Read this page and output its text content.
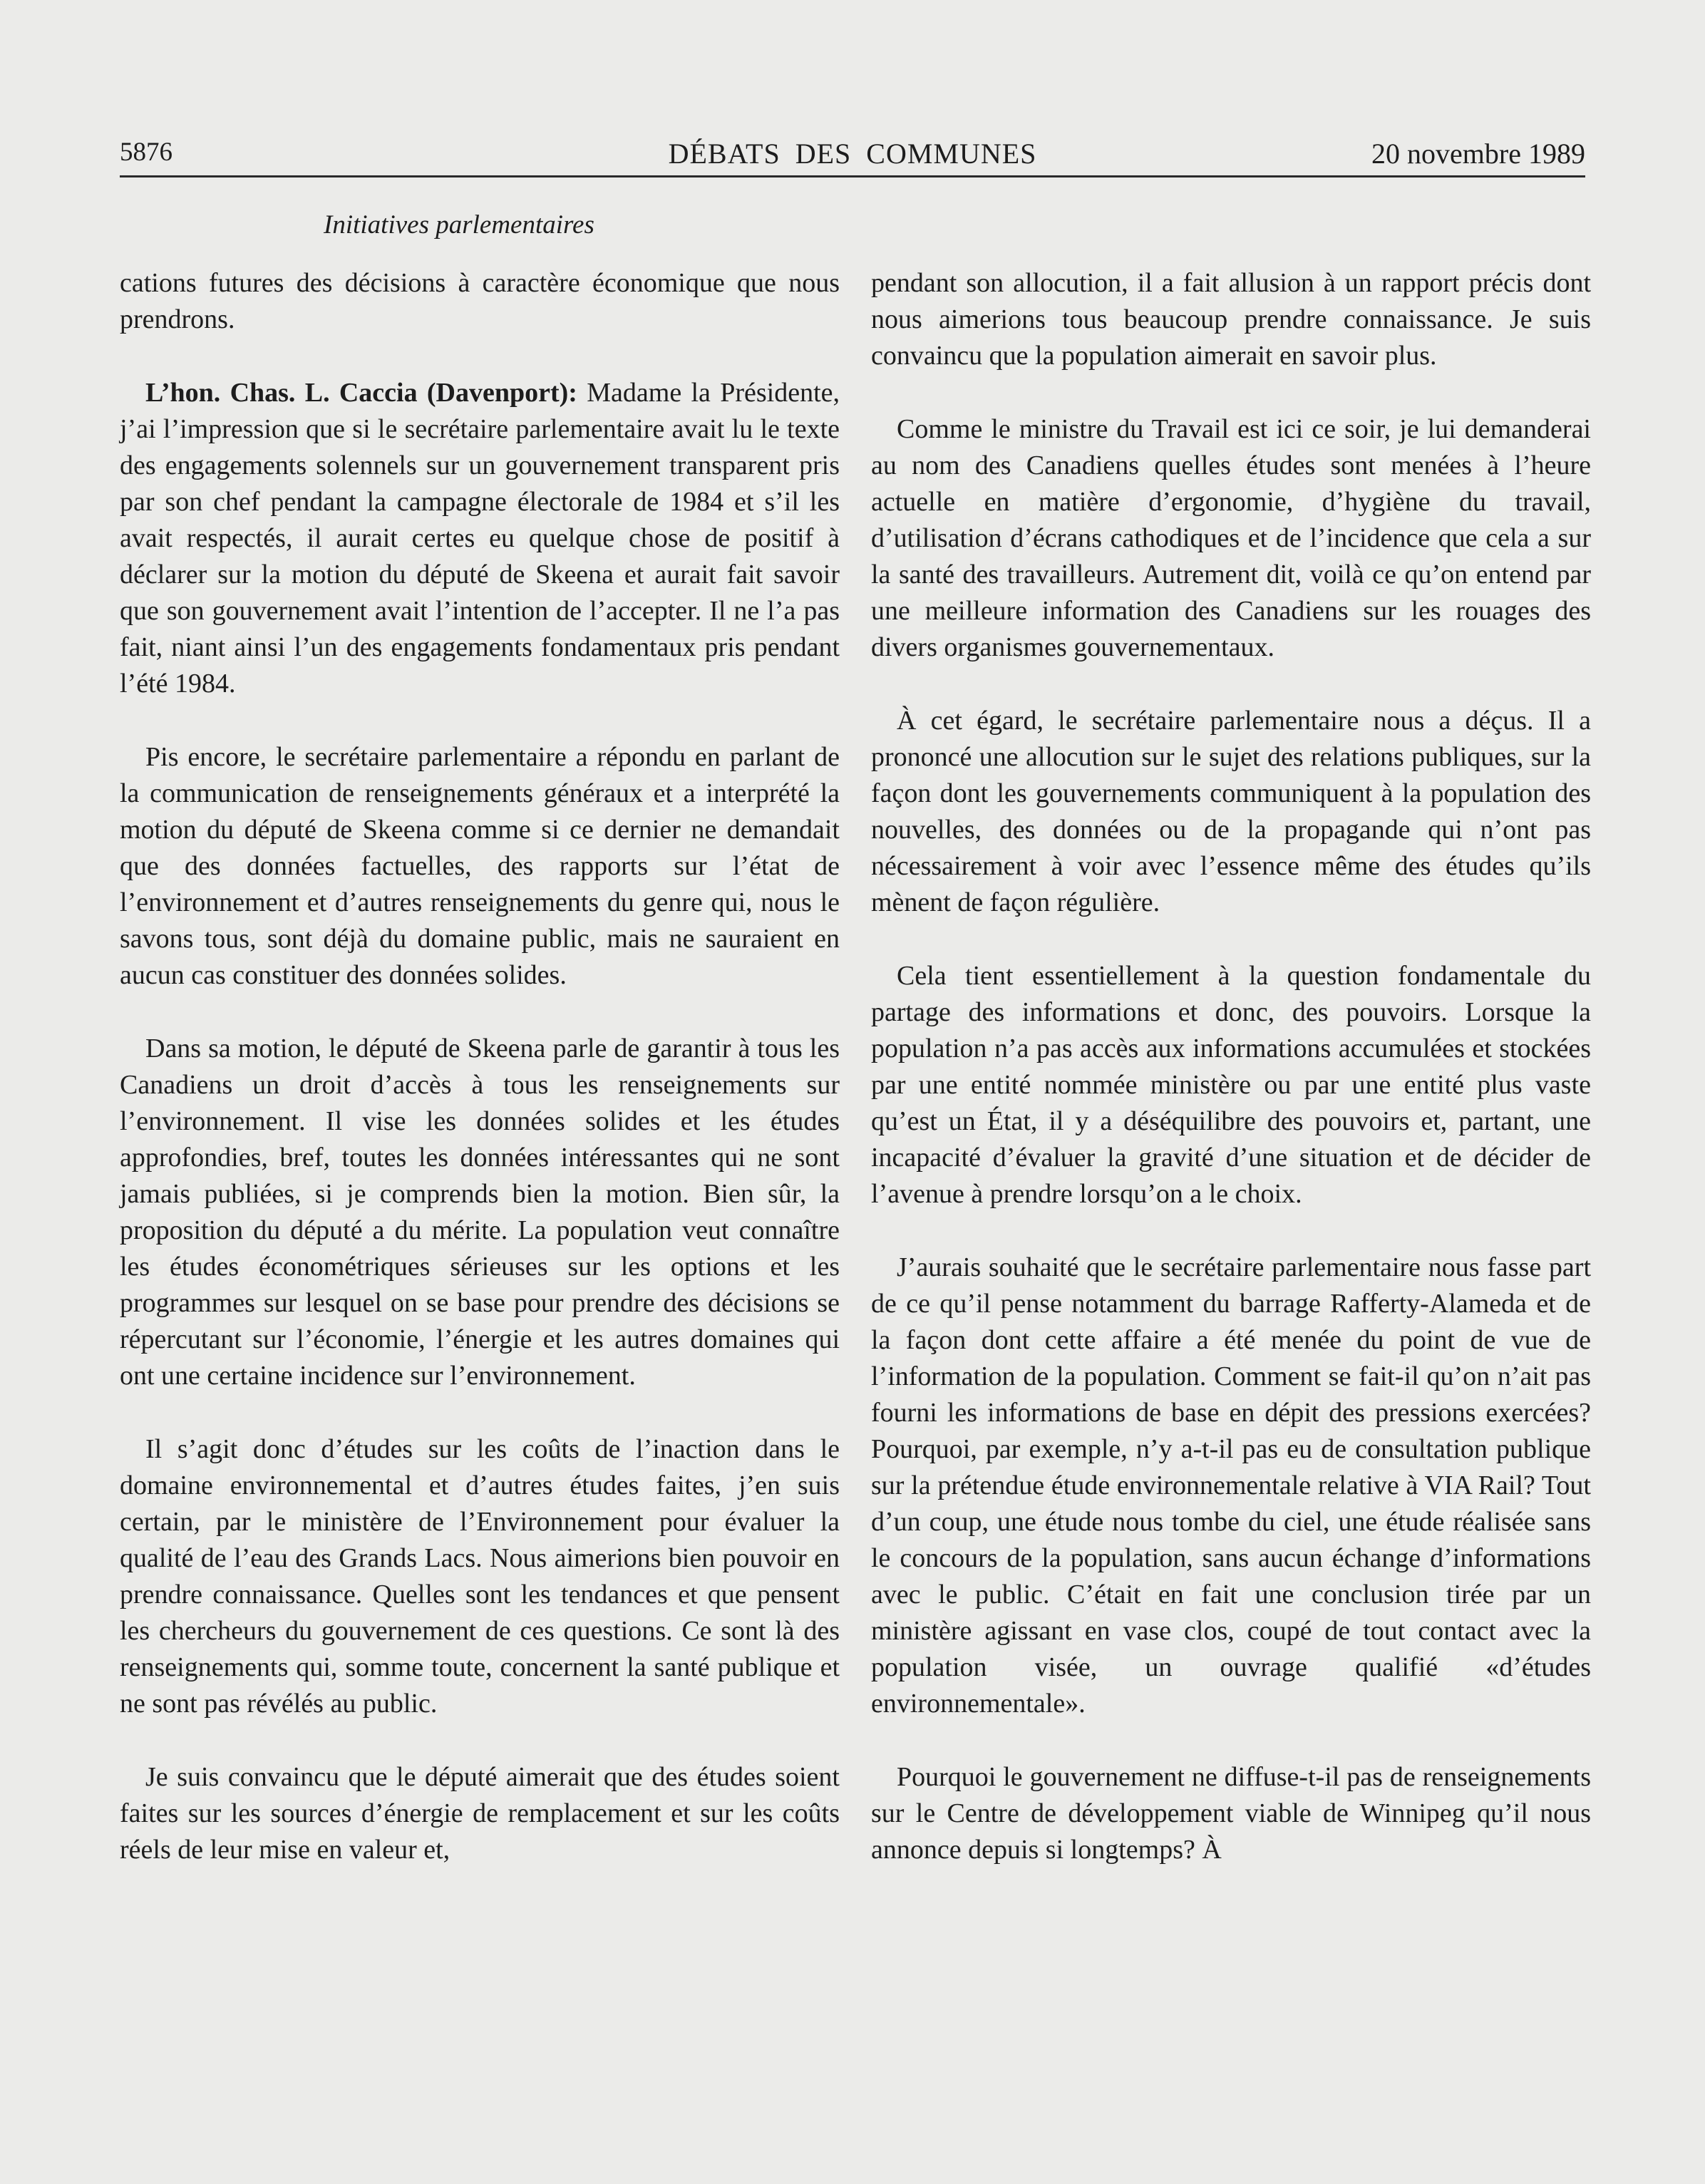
5876	DÉBATS DES COMMUNES	20 novembre 1989
Initiatives parlementaires

cations futures des décisions à caractère économique que nous prendrons.

L’hon. Chas. L. Caccia (Davenport): Madame la Présidente, j’ai l’impression que si le secrétaire parlementaire avait lu le texte des engagements solennels sur un gouvernement transparent pris par son chef pendant la campagne électorale de 1984 et s’il les avait respectés, il aurait certes eu quelque chose de positif à déclarer sur la motion du député de Skeena et aurait fait savoir que son gouvernement avait l’intention de l’accepter. Il ne l’a pas fait, niant ainsi l’un des engagements fondamentaux pris pendant l’été 1984.

Pis encore, le secrétaire parlementaire a répondu en parlant de la communication de renseignements généraux et a interprété la motion du député de Skeena comme si ce dernier ne demandait que des données factuelles, des rapports sur l’état de l’environnement et d’autres renseignements du genre qui, nous le savons tous, sont déjà du domaine public, mais ne sauraient en aucun cas constituer des données solides.

Dans sa motion, le député de Skeena parle de garantir à tous les Canadiens un droit d’accès à tous les renseignements sur l’environnement. Il vise les données solides et les études approfondies, bref, toutes les données intéressantes qui ne sont jamais publiées, si je comprends bien la motion. Bien sûr, la proposition du député a du mérite. La population veut connaître les études économétriques sérieuses sur les options et les programmes sur lesquel on se base pour prendre des décisions se répercutant sur l’économie, l’énergie et les autres domaines qui ont une certaine incidence sur l’environnement.

Il s’agit donc d’études sur les coûts de l’inaction dans le domaine environnemental et d’autres études faites, j’en suis certain, par le ministère de l’Environnement pour évaluer la qualité de l’eau des Grands Lacs. Nous aimerions bien pouvoir en prendre connaissance. Quelles sont les tendances et que pensent les chercheurs du gouvernement de ces questions. Ce sont là des renseignements qui, somme toute, concernent la santé publique et ne sont pas révélés au public.

Je suis convaincu que le député aimerait que des études soient faites sur les sources d’énergie de remplacement et sur les coûts réels de leur mise en valeur et,

pendant son allocution, il a fait allusion à un rapport précis dont nous aimerions tous beaucoup prendre connaissance. Je suis convaincu que la population aimerait en savoir plus.

Comme le ministre du Travail est ici ce soir, je lui demanderai au nom des Canadiens quelles études sont menées à l’heure actuelle en matière d’ergonomie, d’hygiène du travail, d’utilisation d’écrans cathodiques et de l’incidence que cela a sur la santé des travailleurs. Autrement dit, voilà ce qu’on entend par une meilleure information des Canadiens sur les rouages des divers organismes gouvernementaux.

À cet égard, le secrétaire parlementaire nous a déçus. Il a prononcé une allocution sur le sujet des relations publiques, sur la façon dont les gouvernements communiquent à la population des nouvelles, des données ou de la propagande qui n’ont pas nécessairement à voir avec l’essence même des études qu’ils mènent de façon régulière.

Cela tient essentiellement à la question fondamentale du partage des informations et donc, des pouvoirs. Lorsque la population n’a pas accès aux informations accumulées et stockées par une entité nommée ministère ou par une entité plus vaste qu’est un État, il y a déséquilibre des pouvoirs et, partant, une incapacité d’évaluer la gravité d’une situation et de décider de l’avenue à prendre lorsqu’on a le choix.

J’aurais souhaité que le secrétaire parlementaire nous fasse part de ce qu’il pense notamment du barrage Rafferty-Alameda et de la façon dont cette affaire a été menée du point de vue de l’information de la population. Comment se fait-il qu’on n’ait pas fourni les informations de base en dépit des pressions exercées? Pourquoi, par exemple, n’y a-t-il pas eu de consultation publique sur la prétendue étude environnementale relative à VIA Rail? Tout d’un coup, une étude nous tombe du ciel, une étude réalisée sans le concours de la population, sans aucun échange d’informations avec le public. C’était en fait une conclusion tirée par un ministère agissant en vase clos, coupé de tout contact avec la population visée, un ouvrage qualifié «d’études environnementale».

Pourquoi le gouvernement ne diffuse-t-il pas de renseignements sur le Centre de développement viable de Winnipeg qu’il nous annonce depuis si longtemps? À
